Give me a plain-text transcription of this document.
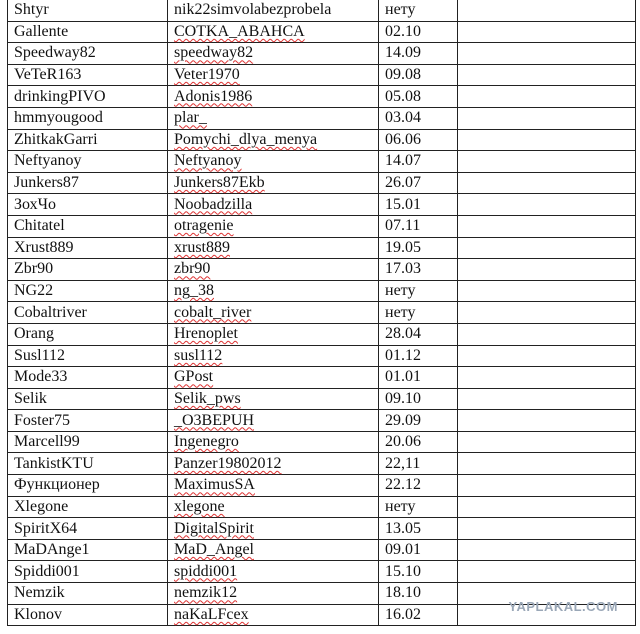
Shtyr	nik22simvolabezprobela	нету	
Gallente	COTKA_ABAHCA	02.10	
Speedway82	speedway82	14.09	
VeTeR163	Veter1970	09.08	
drinkingPIVO	Adonis1986	05.08	
hmmyougood	plar_	03.04	
ZhitkakGarri	Pomychi_dlya_menya	06.06	
Neftyanoy	Neftyanoy	14.07	
Junkers87	Junkers87Ekb	26.07	
ЗохЧо	Noobadzilla	15.01	
Chitatel	otragenie	07.11	
Xrust889	xrust889	19.05	
Zbr90	zbr90	17.03	
NG22	ng_38	нету	
Cobaltriver	cobalt_river	нету	
Orang	Hrenoplet	28.04	
Susl112	susl112	01.12	
Mode33	GPost	01.01	
Selik	Selik_pws	09.10	
Foster75	_O3BEPUH	29.09	
Marcell99	Ingenegro	20.06	
TankistKTU	Panzer19802012	22,11	
Функционер	MaximusSA	22.12	
Xlegone	xlegone	нету	
SpiritX64	DigitalSpirit	13.05	
MaDAnge1	MaD_Angel	09.01	
Spiddi001	spiddi001	15.10	
Nemzik	nemzik12	18.10	
Klonov	naKaLFcex	16.02		YAPLAKAL.COM
